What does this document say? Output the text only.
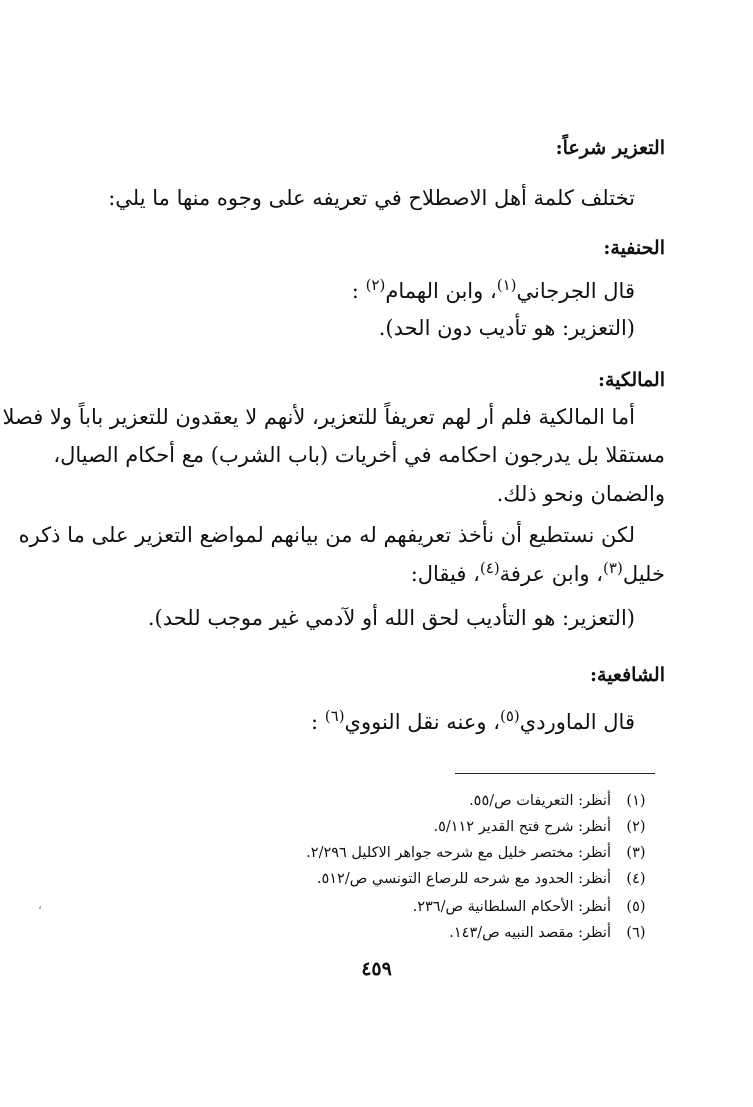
التعزير شرعاً:
تختلف كلمة أهل الاصطلاح في تعريفه على وجوه منها ما يلي:
الحنفية:
قال الجرجاني$^{(١)}$، وابن الهمام$^{(٢)}$ :
(التعزير: هو تأديب دون الحد).
المالكية:
أما المالكية فلم أر لهم تعريفاً للتعزير، لأنهم لا يعقدون للتعزير باباً ولا فصلا
مستقلا بل يدرجون احكامه في أخريات (باب الشرب) مع أحكام الصيال،
والضمان ونحو ذلك.
لكن نستطيع أن نأخذ تعريفهم له من بيانهم لمواضع التعزير على ما ذكره
خليل$^{(٣)}$، وابن عرفة$^{(٤)}$، فيقال:
(التعزير: هو التأديب لحق الله أو لآدمي غير موجب للحد).
الشافعية:
قال الماوردي$^{(٥)}$، وعنه نقل النووي$^{(٦)}$ :
(١)أنظر: التعريفات ص/٥٥.
(٢)أنظر: شرح فتح القدير ٥/١١٢.
(٣)أنظر: مختصر خليل مع شرحه جواهر الاكليل ٢/٢٩٦.
(٤)أنظر: الحدود مع شرحه للرصاع التونسي ص/٥١٢.
(٥)أنظر: الأحكام السلطانية ص/٢٣٦.
(٦)أنظر: مقصد النبيه ص/١٤٣.
٤٥٩
،
